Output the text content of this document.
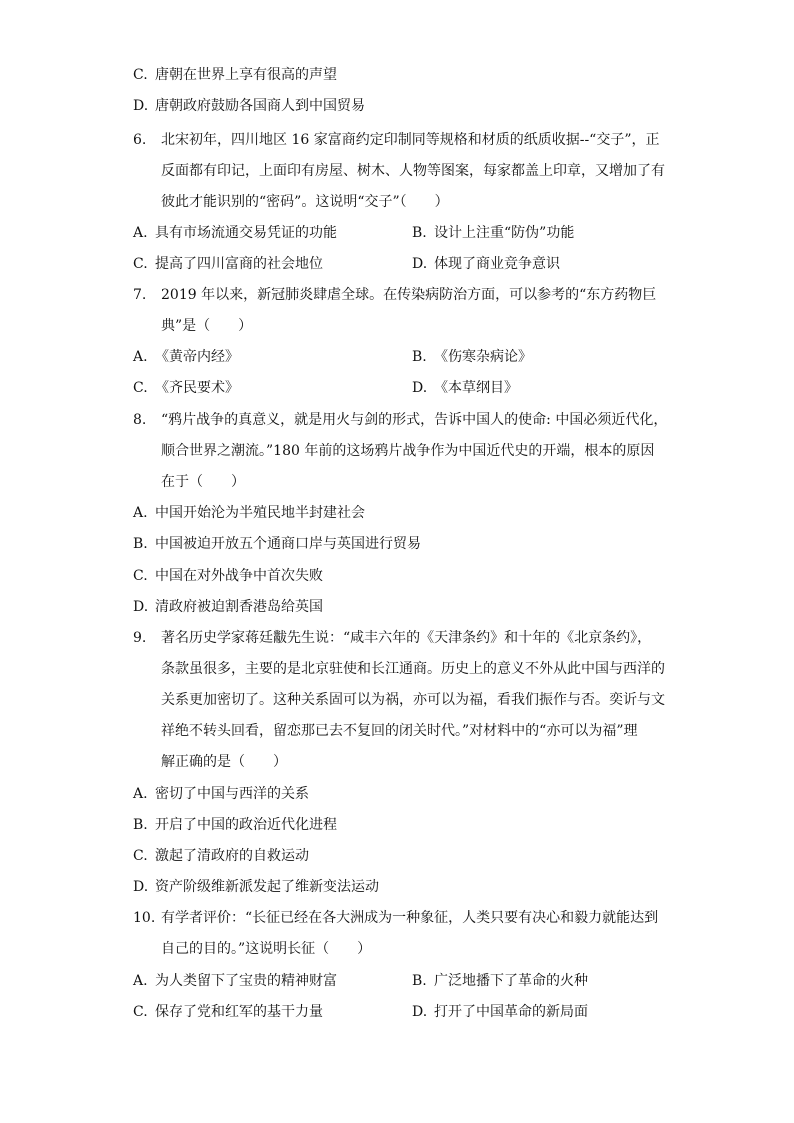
C. 唐朝在世界上享有很高的声望
D. 唐朝政府鼓励各国商人到中国贸易
6.	北宋初年，四川地区 16 家富商约定印制同等规格和材质的纸质收据--“交子”，正
反面都有印记，上面印有房屋、树木、人物等图案，每家都盖上印章，又增加了有
彼此才能识别的“密码”。这说明“交子”（　　）
A. 具有市场流通交易凭证的功能	B. 设计上注重“防伪”功能
C. 提高了四川富商的社会地位	D. 体现了商业竞争意识
7.	2019 年以来，新冠肺炎肆虐全球。在传染病防治方面，可以参考的“东方药物巨
典”是（　　）
A. 《黄帝内经》	B. 《伤寒杂病论》
C. 《齐民要术》	D. 《本草纲目》
8.	“鸦片战争的真意义，就是用火与剑的形式，告诉中国人的使命: 中国必须近代化，
顺合世界之潮流。”180 年前的这场鸦片战争作为中国近代史的开端，根本的原因
在于（　　）
A. 中国开始沦为半殖民地半封建社会
B. 中国被迫开放五个通商口岸与英国进行贸易
C. 中国在对外战争中首次失败
D. 清政府被迫割香港岛给英国
9.	著名历史学家蒋廷黻先生说：“咸丰六年的《天津条约》和十年的《北京条约》，
条款虽很多，主要的是北京驻使和长江通商。历史上的意义不外从此中国与西洋的
关系更加密切了。这种关系固可以为祸，亦可以为福，看我们振作与否。奕䜣与文
祥绝不转头回看，留恋那已去不复回的闭关时代。”对材料中的“亦可以为福”理
解正确的是（　　）
A. 密切了中国与西洋的关系
B. 开启了中国的政治近代化进程
C. 激起了清政府的自救运动
D. 资产阶级维新派发起了维新变法运动
10. 有学者评价：“长征已经在各大洲成为一种象征，人类只要有决心和毅力就能达到
自己的目的。”这说明长征（　　）
A. 为人类留下了宝贵的精神财富	B. 广泛地播下了革命的火种
C. 保存了党和红军的基干力量	D. 打开了中国革命的新局面
